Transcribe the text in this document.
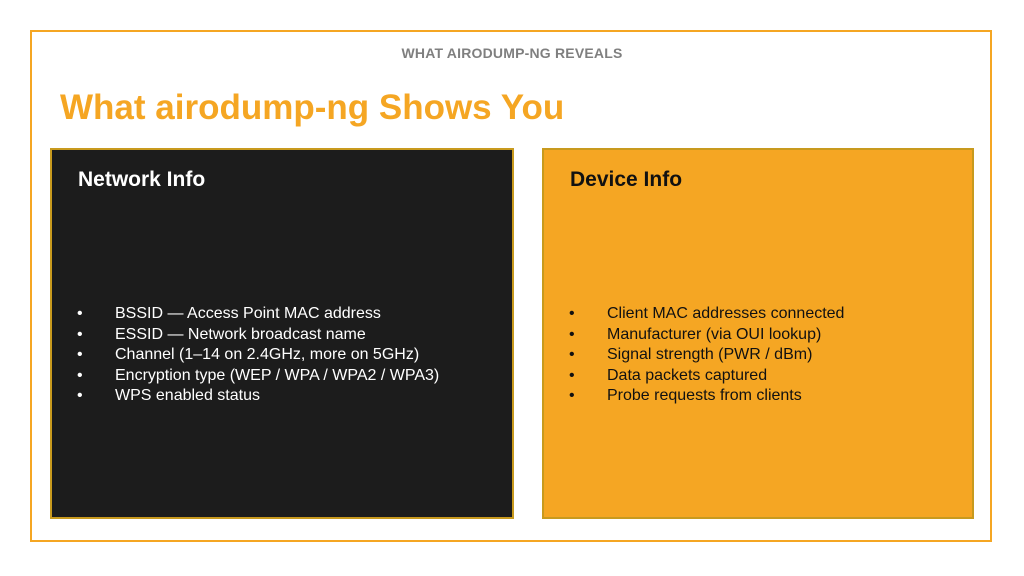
WHAT AIRODUMP-NG REVEALS
What airodump-ng Shows You
Network Info
• BSSID — Access Point MAC address
• ESSID — Network broadcast name
• Channel (1–14 on 2.4GHz, more on 5GHz)
• Encryption type (WEP / WPA / WPA2 / WPA3)
• WPS enabled status
Device Info
• Client MAC addresses connected
• Manufacturer (via OUI lookup)
• Signal strength (PWR / dBm)
• Data packets captured
• Probe requests from clients
